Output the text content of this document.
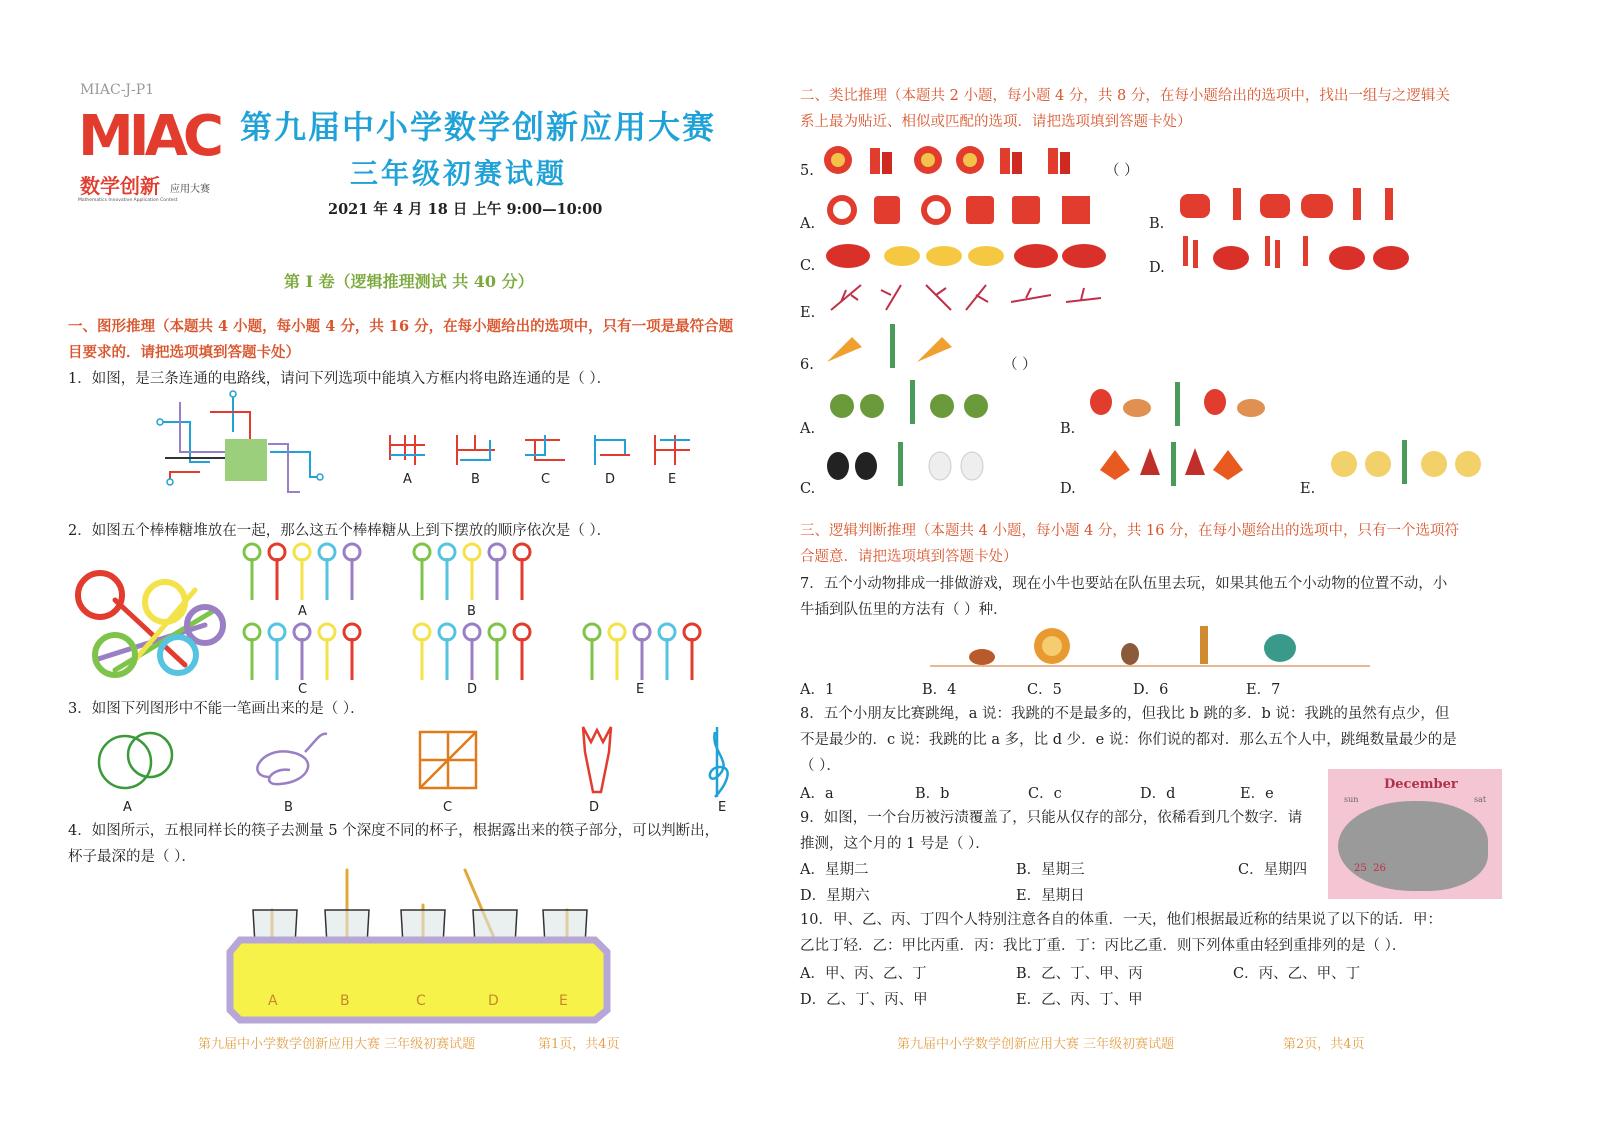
MIAC-J-P1
MIAC
数学创新 应用大赛
Mathematics Innovative Application Contest
第九届中小学数学创新应用大赛
三年级初赛试题
2021 年 4 月 18 日 上午 9:00—10:00
第 I 卷（逻辑推理测试 共 40 分）
一、图形推理（本题共 4 小题，每小题 4 分，共 16 分，在每小题给出的选项中，只有一项是最符合题
目要求的．请把选项填到答题卡处）
1．如图，是三条连通的电路线，请问下列选项中能填入方框内将电路连通的是（ ）．
A	B	C	D	E
2．如图五个棒棒糖堆放在一起，那么这五个棒棒糖从上到下摆放的顺序依次是（ ）．
A	B
C	D	E
3．如图下列图形中不能一笔画出来的是（ ）．
A	B	C	D	E
4．如图所示，五根同样长的筷子去测量 5 个深度不同的杯子，根据露出来的筷子部分，可以判断出，
杯子最深的是（ ）．
A	B	C	D	E
第九届中小学数学创新应用大赛 三年级初赛试题	第1页，共4页
二、类比推理（本题共 2 小题，每小题 4 分，共 8 分，在每小题给出的选项中，找出一组与之逻辑关
系上最为贴近、相似或匹配的选项．请把选项填到答题卡处）
5.	（ ）
A.	B.
C.	D.
E.
6.	（ ）
A.	B.
C.	D.	E.
三、逻辑判断推理（本题共 4 小题，每小题 4 分，共 16 分，在每小题给出的选项中，只有一个选项符
合题意．请把选项填到答题卡处）
7．五个小动物排成一排做游戏，现在小牛也要站在队伍里去玩，如果其他五个小动物的位置不动，小
牛插到队伍里的方法有（ ）种．
A．1	B．4	C．5	D．6	E．7
8．五个小朋友比赛跳绳，a 说：我跳的不是最多的，但我比 b 跳的多．b 说：我跳的虽然有点少，但
不是最少的．c 说：我跳的比 a 多，比 d 少．e 说：你们说的都对．那么五个人中，跳绳数量最少的是
（ ）．
A．a	B．b	C．c	D．d	E．e
9．如图，一个台历被污渍覆盖了，只能从仅存的部分，依稀看到几个数字．请
推测，这个月的 1 号是（ ）．
December
sun	sat
25  26
A．星期二	B．星期三	C．星期四
D．星期六	E．星期日
10．甲、乙、丙、丁四个人特别注意各自的体重．一天，他们根据最近称的结果说了以下的话．甲：
乙比丁轻．乙：甲比丙重．丙：我比丁重．丁：丙比乙重．则下列体重由轻到重排列的是（ ）．
A．甲、丙、乙、丁	B．乙、丁、甲、丙	C．丙、乙、甲、丁
D．乙、丁、丙、甲	E．乙、丙、丁、甲
第九届中小学数学创新应用大赛 三年级初赛试题	第2页，共4页
